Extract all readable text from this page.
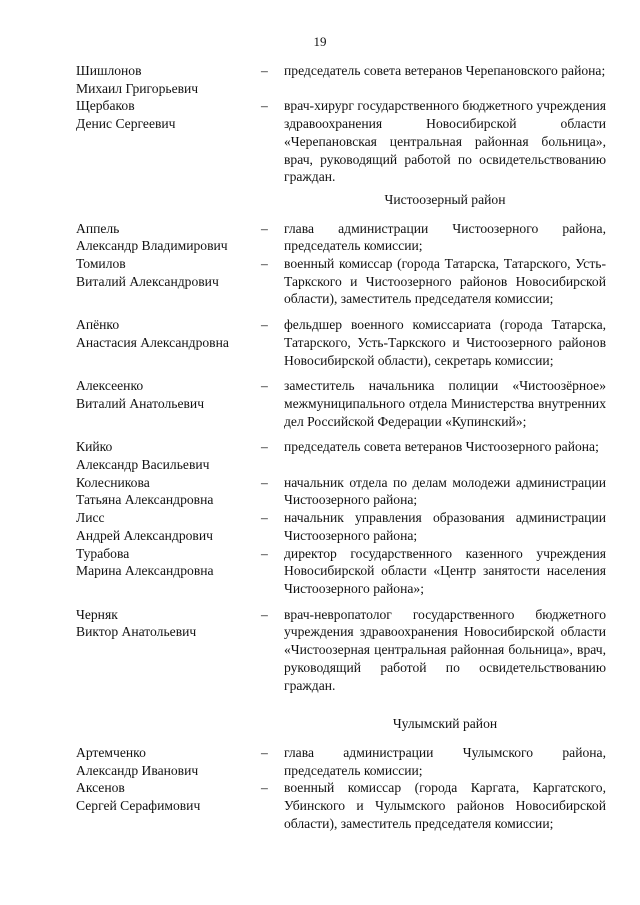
19
Шишлонов
Михаил Григорьевич
–	председатель совета ветеранов Черепановского района;
Щербаков
Денис Сергеевич
–	врач-хирург государственного бюджетного учреждения здравоохранения Новосибирской области «Черепановская центральная районная больница», врач, руководящий работой по освидетельствованию граждан.
Чистоозерный район
Аппель
Александр Владимирович
–	глава администрации Чистоозерного района, председатель комиссии;
Томилов
Виталий Александрович
–	военный комиссар (города Татарска, Татарского, Усть-Таркского и Чистоозерного районов Новосибирской области), заместитель председателя комиссии;
Апёнко
Анастасия Александровна
–	фельдшер военного комиссариата (города Татарска, Татарского, Усть-Таркского и Чистоозерного районов Новосибирской области), секретарь комиссии;
Алексеенко
Виталий Анатольевич
–	заместитель начальника полиции «Чистоозёрное» межмуниципального отдела Министерства внутренних дел Российской Федерации «Купинский»;
Кийко
Александр Васильевич
–	председатель совета ветеранов Чистоозерного района;
Колесникова
Татьяна Александровна
–	начальник отдела по делам молодежи администрации Чистоозерного района;
Лисс
Андрей Александрович
–	начальник управления образования администрации Чистоозерного района;
Турабова
Марина Александровна
–	директор государственного казенного учреждения Новосибирской области «Центр занятости населения Чистоозерного района»;
Черняк
Виктор Анатольевич
–	врач-невропатолог государственного бюджетного учреждения здравоохранения Новосибирской области «Чистоозерная центральная районная больница», врач, руководящий работой по освидетельствованию граждан.
Чулымский район
Артемченко
Александр Иванович
–	глава администрации Чулымского района, председатель комиссии;
Аксенов
Сергей Серафимович
–	военный комиссар (города Каргата, Каргатского, Убинского и Чулымского районов Новосибирской области), заместитель председателя комиссии;
